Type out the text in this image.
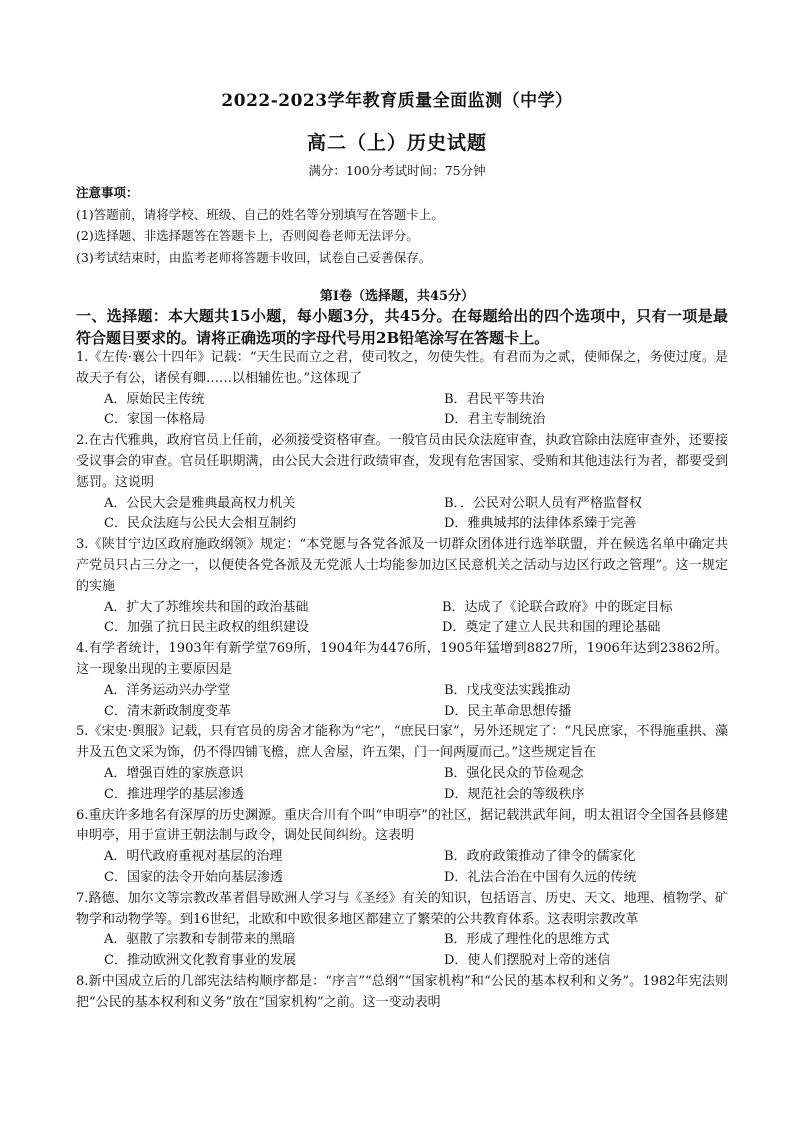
2022-2023学年教育质量全面监测（中学）
高二（上）历史试题
满分：100分考试时间：75分钟
注意事项：
(1)答题前，请将学校、班级、自己的姓名等分别填写在答题卡上。
(2)选择题、非选择题答在答题卡上，否则阅卷老师无法评分。
(3)考试结束时，由监考老师将答题卡收回，试卷自己妥善保存。
第Ⅰ卷（选择题，共45分）
一、选择题：本大题共15小题，每小题3分，共45分。在每题给出的四个选项中，只有一项是最符合题目要求的。请将正确选项的字母代号用2B铅笔涂写在答题卡上。
1.《左传·襄公十四年》记载：“天生民而立之君，使司牧之，勿使失性。有君而为之贰，使师保之，务使过度。是故天子有公，诸侯有卿……以相辅佐也。”这体现了
A．原始民主传统	B．君民平等共治
C．家国一体格局	D．君主专制统治
2.在古代雅典，政府官员上任前，必须接受资格审查。一般官员由民众法庭审查，执政官除由法庭审查外，还要接受议事会的审查。官员任职期满，由公民大会进行政绩审查，发现有危害国家、受贿和其他违法行为者，都要受到惩罚。这说明
A．公民大会是雅典最高权力机关	B．．公民对公职人员有严格监督权
C．民众法庭与公民大会相互制约	D．雅典城邦的法律体系臻于完善
3.《陕甘宁边区政府施政纲领》规定：“本党愿与各党各派及一切群众团体进行选举联盟，并在候选名单中确定共产党员只占三分之一，以便使各党各派及无党派人士均能参加边区民意机关之活动与边区行政之管理”。这一规定的实施
A．扩大了苏维埃共和国的政治基础	B．达成了《论联合政府》中的既定目标
C．加强了抗日民主政权的组织建设	D．奠定了建立人民共和国的理论基础
4.有学者统计，1903年有新学堂769所，1904年为4476所，1905年猛增到8827所，1906年达到23862所。这一现象出现的主要原因是
A．洋务运动兴办学堂	B．戊戌变法实践推动
C．清末新政制度变革	D．民主革命思想传播
5.《宋史·舆服》记载，只有官员的房舍才能称为“宅”，“庶民曰家”，另外还规定了：“凡民庶家，不得施重拱、藻井及五色文采为饰，仍不得四铺飞檐，庶人舍屋，许五架，门一间两厦而己。”这些规定旨在
A．增强百姓的家族意识	B．强化民众的节俭观念
C．推进理学的基层渗透	D．规范社会的等级秩序
6.重庆许多地名有深厚的历史渊源。重庆合川有个叫“申明亭”的社区，据记载洪武年间，明太祖诏令全国各县修建申明亭，用于宣讲王朝法制与政令，调处民间纠纷。这表明
A．明代政府重视对基层的治理	B．政府政策推动了律令的儒家化
C．国家的法令开始向基层渗透	D．礼法合治在中国有久远的传统
7.路德、加尔文等宗教改革者倡导欧洲人学习与《圣经》有关的知识，包括语言、历史、天文、地理、植物学、矿物学和动物学等。到16世纪，北欧和中欧很多地区都建立了繁荣的公共教育体系。这表明宗教改革
A．驱散了宗教和专制带来的黑暗	B．形成了理性化的思维方式
C．推动欧洲文化教育事业的发展	D．使人们摆脱对上帝的迷信
8.新中国成立后的几部宪法结构顺序都是：“序言”“总纲”“国家机构”和“公民的基本权利和义务”。1982年宪法则把“公民的基本权利和义务”放在“国家机构”之前。这一变动表明
